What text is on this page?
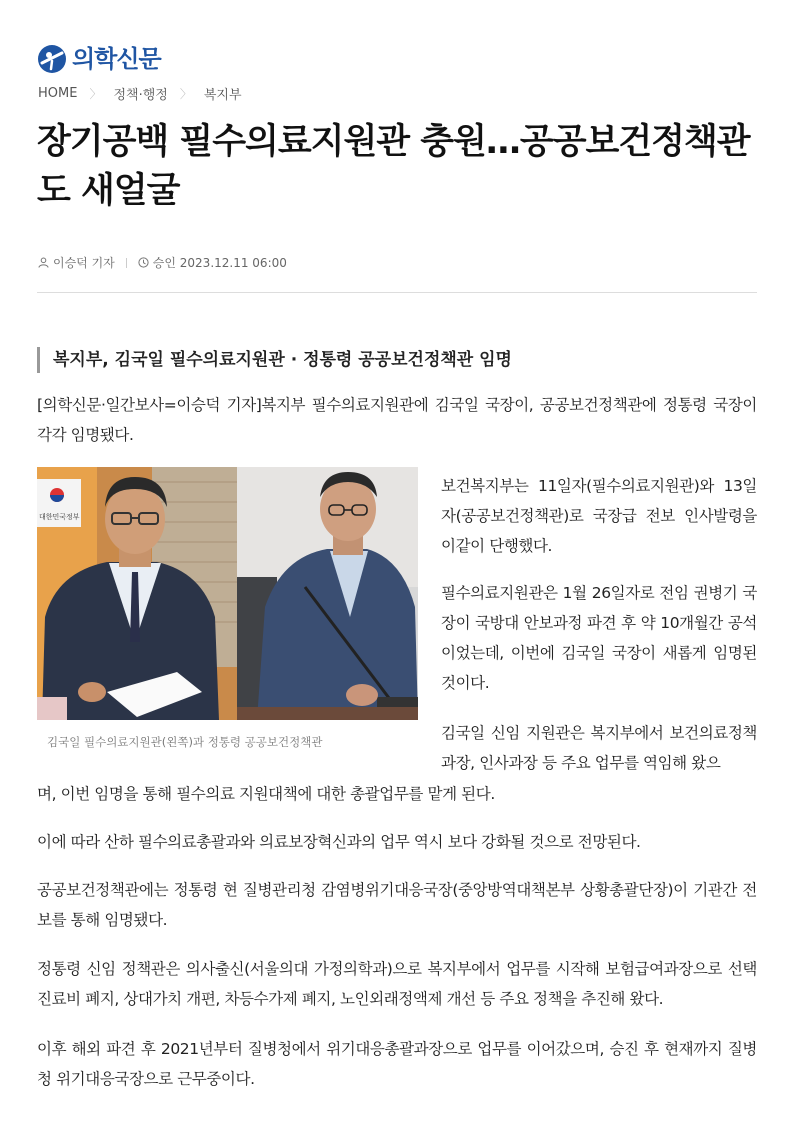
의학신문
HOME 〉 정책·행정 〉 복지부
장기공백 필수의료지원관 충원…공공보건정책관도 새얼굴
이승덕 기자	승인 2023.12.11 06:00
복지부, 김국일 필수의료지원관 · 정통령 공공보건정책관 임명

[의학신문·일간보사=이승덕 기자]복지부 필수의료지원관에 김국일 국장이, 공공보건정책관에 정통령 국장이 각각 임명됐다.

대한민국정부
김국일 필수의료지원관(왼쪽)과 정통령 공공보건정책관

보건복지부는 11일자(필수의료지원관)와 13일자(공공보건정책관)로 국장급 전보 인사발령을 이같이 단행했다.

필수의료지원관은 1월 26일자로 전임 권병기 국장이 국방대 안보과정 파견 후 약 10개월간 공석이었는데, 이번에 김국일 국장이 새롭게 임명된 것이다.

김국일 신임 지원관은 복지부에서 보건의료정책과장, 인사과장 등 주요 업무를 역임해 왔으

며, 이번 임명을 통해 필수의료 지원대책에 대한 총괄업무를 맡게 된다.

이에 따라 산하 필수의료총괄과와 의료보장혁신과의 업무 역시 보다 강화될 것으로 전망된다.

공공보건정책관에는 정통령 현 질병관리청 감염병위기대응국장(중앙방역대책본부 상황총괄단장)이 기관간 전보를 통해 임명됐다.

정통령 신임 정책관은 의사출신(서울의대 가정의학과)으로 복지부에서 업무를 시작해 보험급여과장으로 선택진료비 폐지, 상대가치 개편, 차등수가제 폐지, 노인외래정액제 개선 등 주요 정책을 추진해 왔다.

이후 해외 파견 후 2021년부터 질병청에서 위기대응총괄과장으로 업무를 이어갔으며, 승진 후 현재까지 질병청 위기대응국장으로 근무중이다.
